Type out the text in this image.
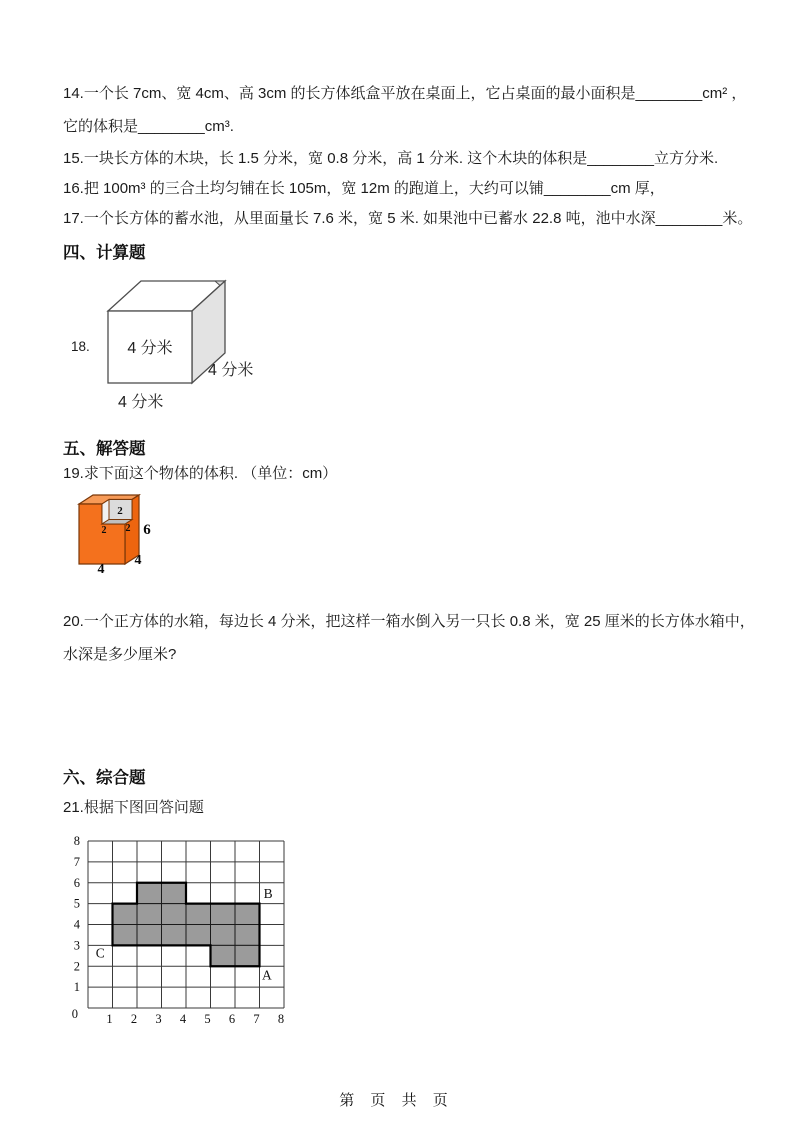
14.一个长 7cm、宽 4cm、高 3cm 的长方体纸盒平放在桌面上，它占桌面的最小面积是________cm² ，
它的体积是________cm³.
15.一块长方体的木块，长 1.5 分米，宽 0.8 分米，高 1 分米. 这个木块的体积是________立方分米.
16.把 100m³ 的三合土均匀铺在长 105m，宽 12m 的跑道上，大约可以铺________cm 厚，
17.一个长方体的蓄水池，从里面量长 7.6 米，宽 5 米. 如果池中已蓄水 22.8 吨，池中水深________米。
四、计算题
18. 4 分米
4 分米
4 分米
五、解答题
19.求下面这个物体的体积. （单位：cm）
2
2 2 6
4
4
20.一个正方体的水箱，每边长 4 分米，把这样一箱水倒入另一只长 0.8 米，宽 25 厘米的长方体水箱中，
水深是多少厘米?
六、综合题
21.根据下图回答问题
1
2
3
4
5
6
7
8
1 2 3 4 5 6 7 8
0
A
B
C
第 页 共 页
